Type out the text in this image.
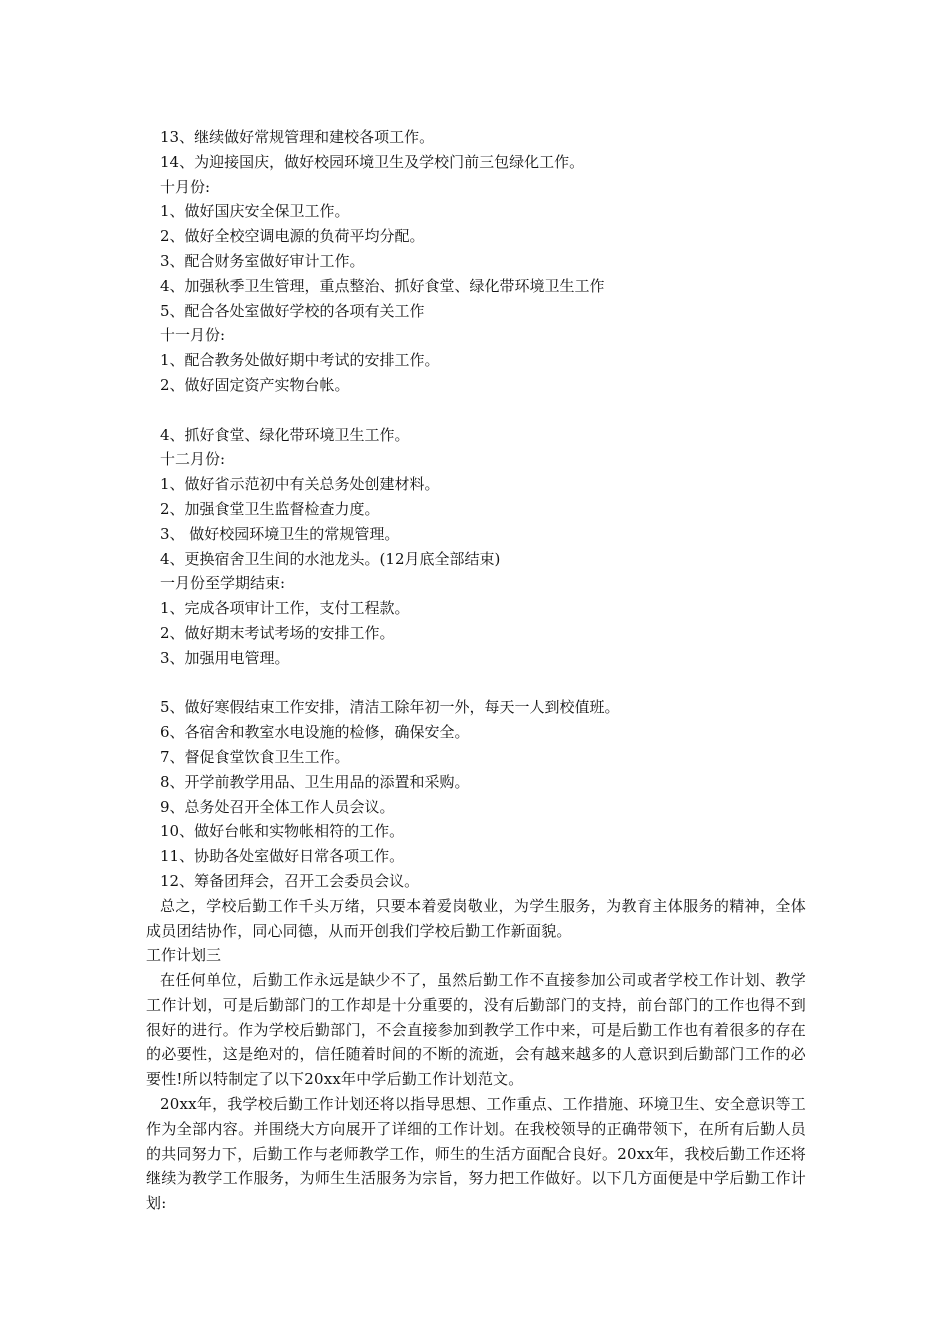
13、继续做好常规管理和建校各项工作。
14、为迎接国庆，做好校园环境卫生及学校门前三包绿化工作。
十月份:
1、做好国庆安全保卫工作。
2、做好全校空调电源的负荷平均分配。
3、配合财务室做好审计工作。
4、加强秋季卫生管理，重点整治、抓好食堂、绿化带环境卫生工作
5、配合各处室做好学校的各项有关工作
十一月份:
1、配合教务处做好期中考试的安排工作。
2、做好固定资产实物台帐。
4、抓好食堂、绿化带环境卫生工作。
十二月份:
1、做好省示范初中有关总务处创建材料。
2、加强食堂卫生监督检查力度。
3、 做好校园环境卫生的常规管理。
4、更换宿舍卫生间的水池龙头。(12月底全部结束)
一月份至学期结束:
1、完成各项审计工作，支付工程款。
2、做好期末考试考场的安排工作。
3、加强用电管理。
5、做好寒假结束工作安排，清洁工除年初一外，每天一人到校值班。
6、各宿舍和教室水电设施的检修，确保安全。
7、督促食堂饮食卫生工作。
8、开学前教学用品、卫生用品的添置和采购。
9、总务处召开全体工作人员会议。
10、做好台帐和实物帐相符的工作。
11、协助各处室做好日常各项工作。
12、筹备团拜会，召开工会委员会议。
总之，学校后勤工作千头万绪，只要本着爱岗敬业，为学生服务，为教育主体服务的精神，全体成员团结协作，同心同德，从而开创我们学校后勤工作新面貌。
工作计划三
在任何单位，后勤工作永远是缺少不了，虽然后勤工作不直接参加公司或者学校工作计划、教学工作计划，可是后勤部门的工作却是十分重要的，没有后勤部门的支持，前台部门的工作也得不到很好的进行。作为学校后勤部门，不会直接参加到教学工作中来，可是后勤工作也有着很多的存在的必要性，这是绝对的，信任随着时间的不断的流逝，会有越来越多的人意识到后勤部门工作的必要性!所以特制定了以下20xx年中学后勤工作计划范文。
20xx年，我学校后勤工作计划还将以指导思想、工作重点、工作措施、环境卫生、安全意识等工作为全部内容。并围绕大方向展开了详细的工作计划。在我校领导的正确带领下，在所有后勤人员的共同努力下，后勤工作与老师教学工作，师生的生活方面配合良好。20xx年，我校后勤工作还将继续为教学工作服务，为师生生活服务为宗旨，努力把工作做好。以下几方面便是中学后勤工作计划:
